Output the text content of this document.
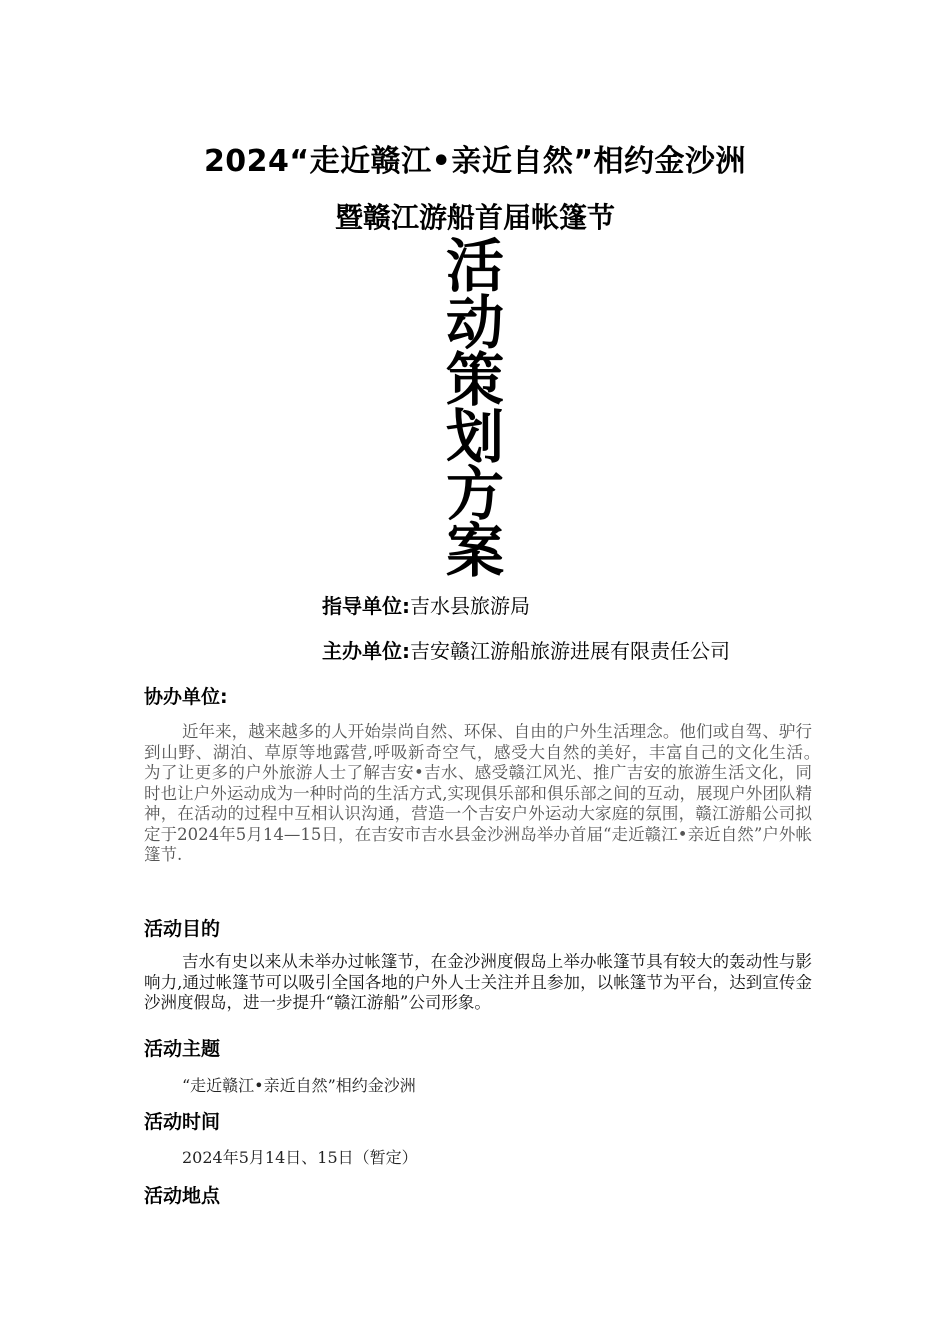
2024“走近赣江•亲近自然”相约金沙洲
暨赣江游船首届帐篷节
活
动
策
划
方
案
指导单位:吉水县旅游局
主办单位:吉安赣江游船旅游进展有限责任公司
协办单位:
近年来，越来越多的人开始崇尚自然、环保、自由的户外生活理念。他们或自驾、驴行到山野、湖泊、草原等地露营,呼吸新奇空气，感受大自然的美好，丰富自己的文化生活。　　为了让更多的户外旅游人士了解吉安•吉水、感受赣江风光、推广吉安的旅游生活文化，同时也让户外运动成为一种时尚的生活方式,实现俱乐部和俱乐部之间的互动，展现户外团队精神，在活动的过程中互相认识沟通，营造一个吉安户外运动大家庭的氛围，赣江游船公司拟定于2024年5月14—15日，在吉安市吉水县金沙洲岛举办首届“走近赣江•亲近自然”户外帐篷节.
活动目的
吉水有史以来从未举办过帐篷节，在金沙洲度假岛上举办帐篷节具有较大的轰动性与影响力,通过帐篷节可以吸引全国各地的户外人士关注并且参加，以帐篷节为平台，达到宣传金沙洲度假岛，进一步提升“赣江游船”公司形象。
活动主题
“走近赣江•亲近自然”相约金沙洲
活动时间
2024年5月14日、15日（暂定）
活动地点
